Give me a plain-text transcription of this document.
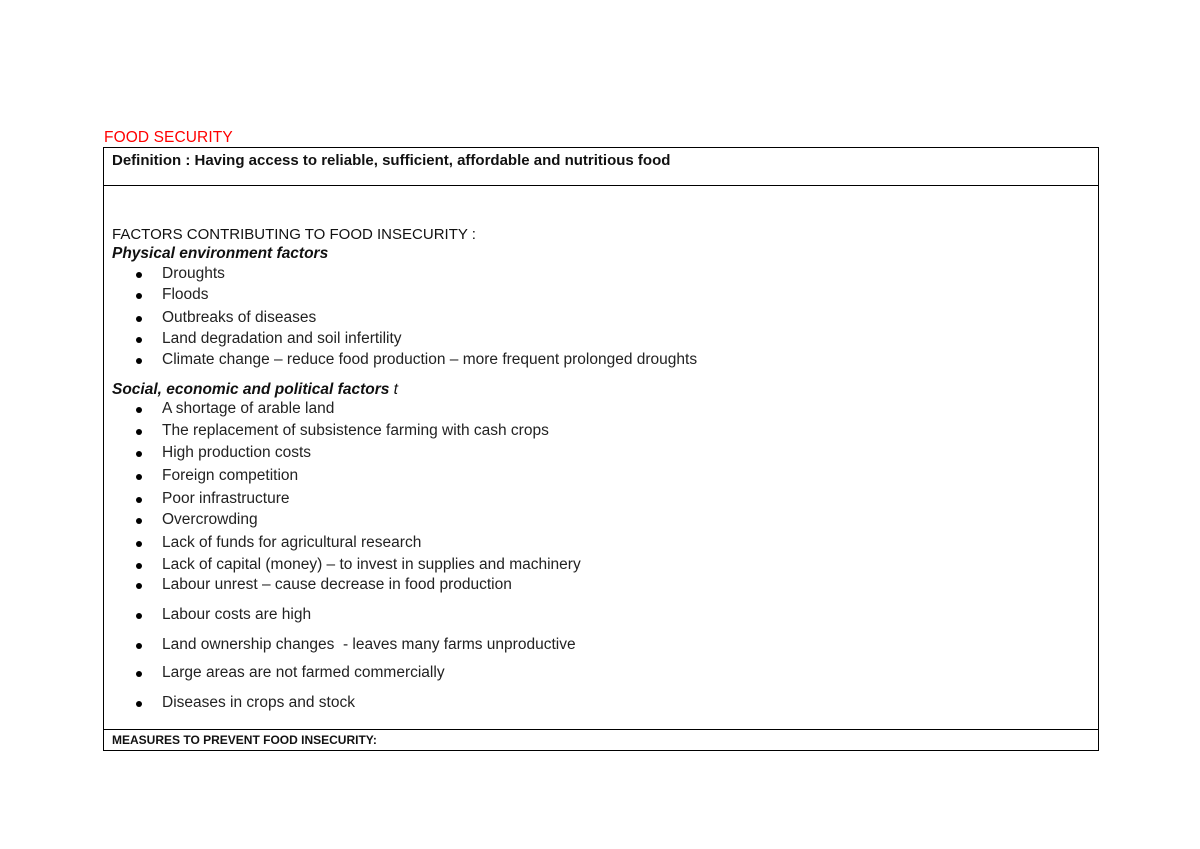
FOOD SECURITY
Definition : Having access to reliable, sufficient, affordable and nutritious food
FACTORS CONTRIBUTING TO FOOD INSECURITY :
Physical environment factors
Droughts
Floods
Outbreaks of diseases
Land degradation and soil infertility
Climate change – reduce food production – more frequent prolonged droughts
Social, economic and political factors t
A shortage of arable land
The replacement of subsistence farming with cash crops
High production costs
Foreign competition
Poor infrastructure
Overcrowding
Lack of funds for agricultural research
Lack of capital (money) – to invest in supplies and machinery
Labour unrest – cause decrease in food production
Labour costs are high
Land ownership changes  - leaves many farms unproductive
Large areas are not farmed commercially
Diseases in crops and stock
MEASURES TO PREVENT FOOD INSECURITY:
